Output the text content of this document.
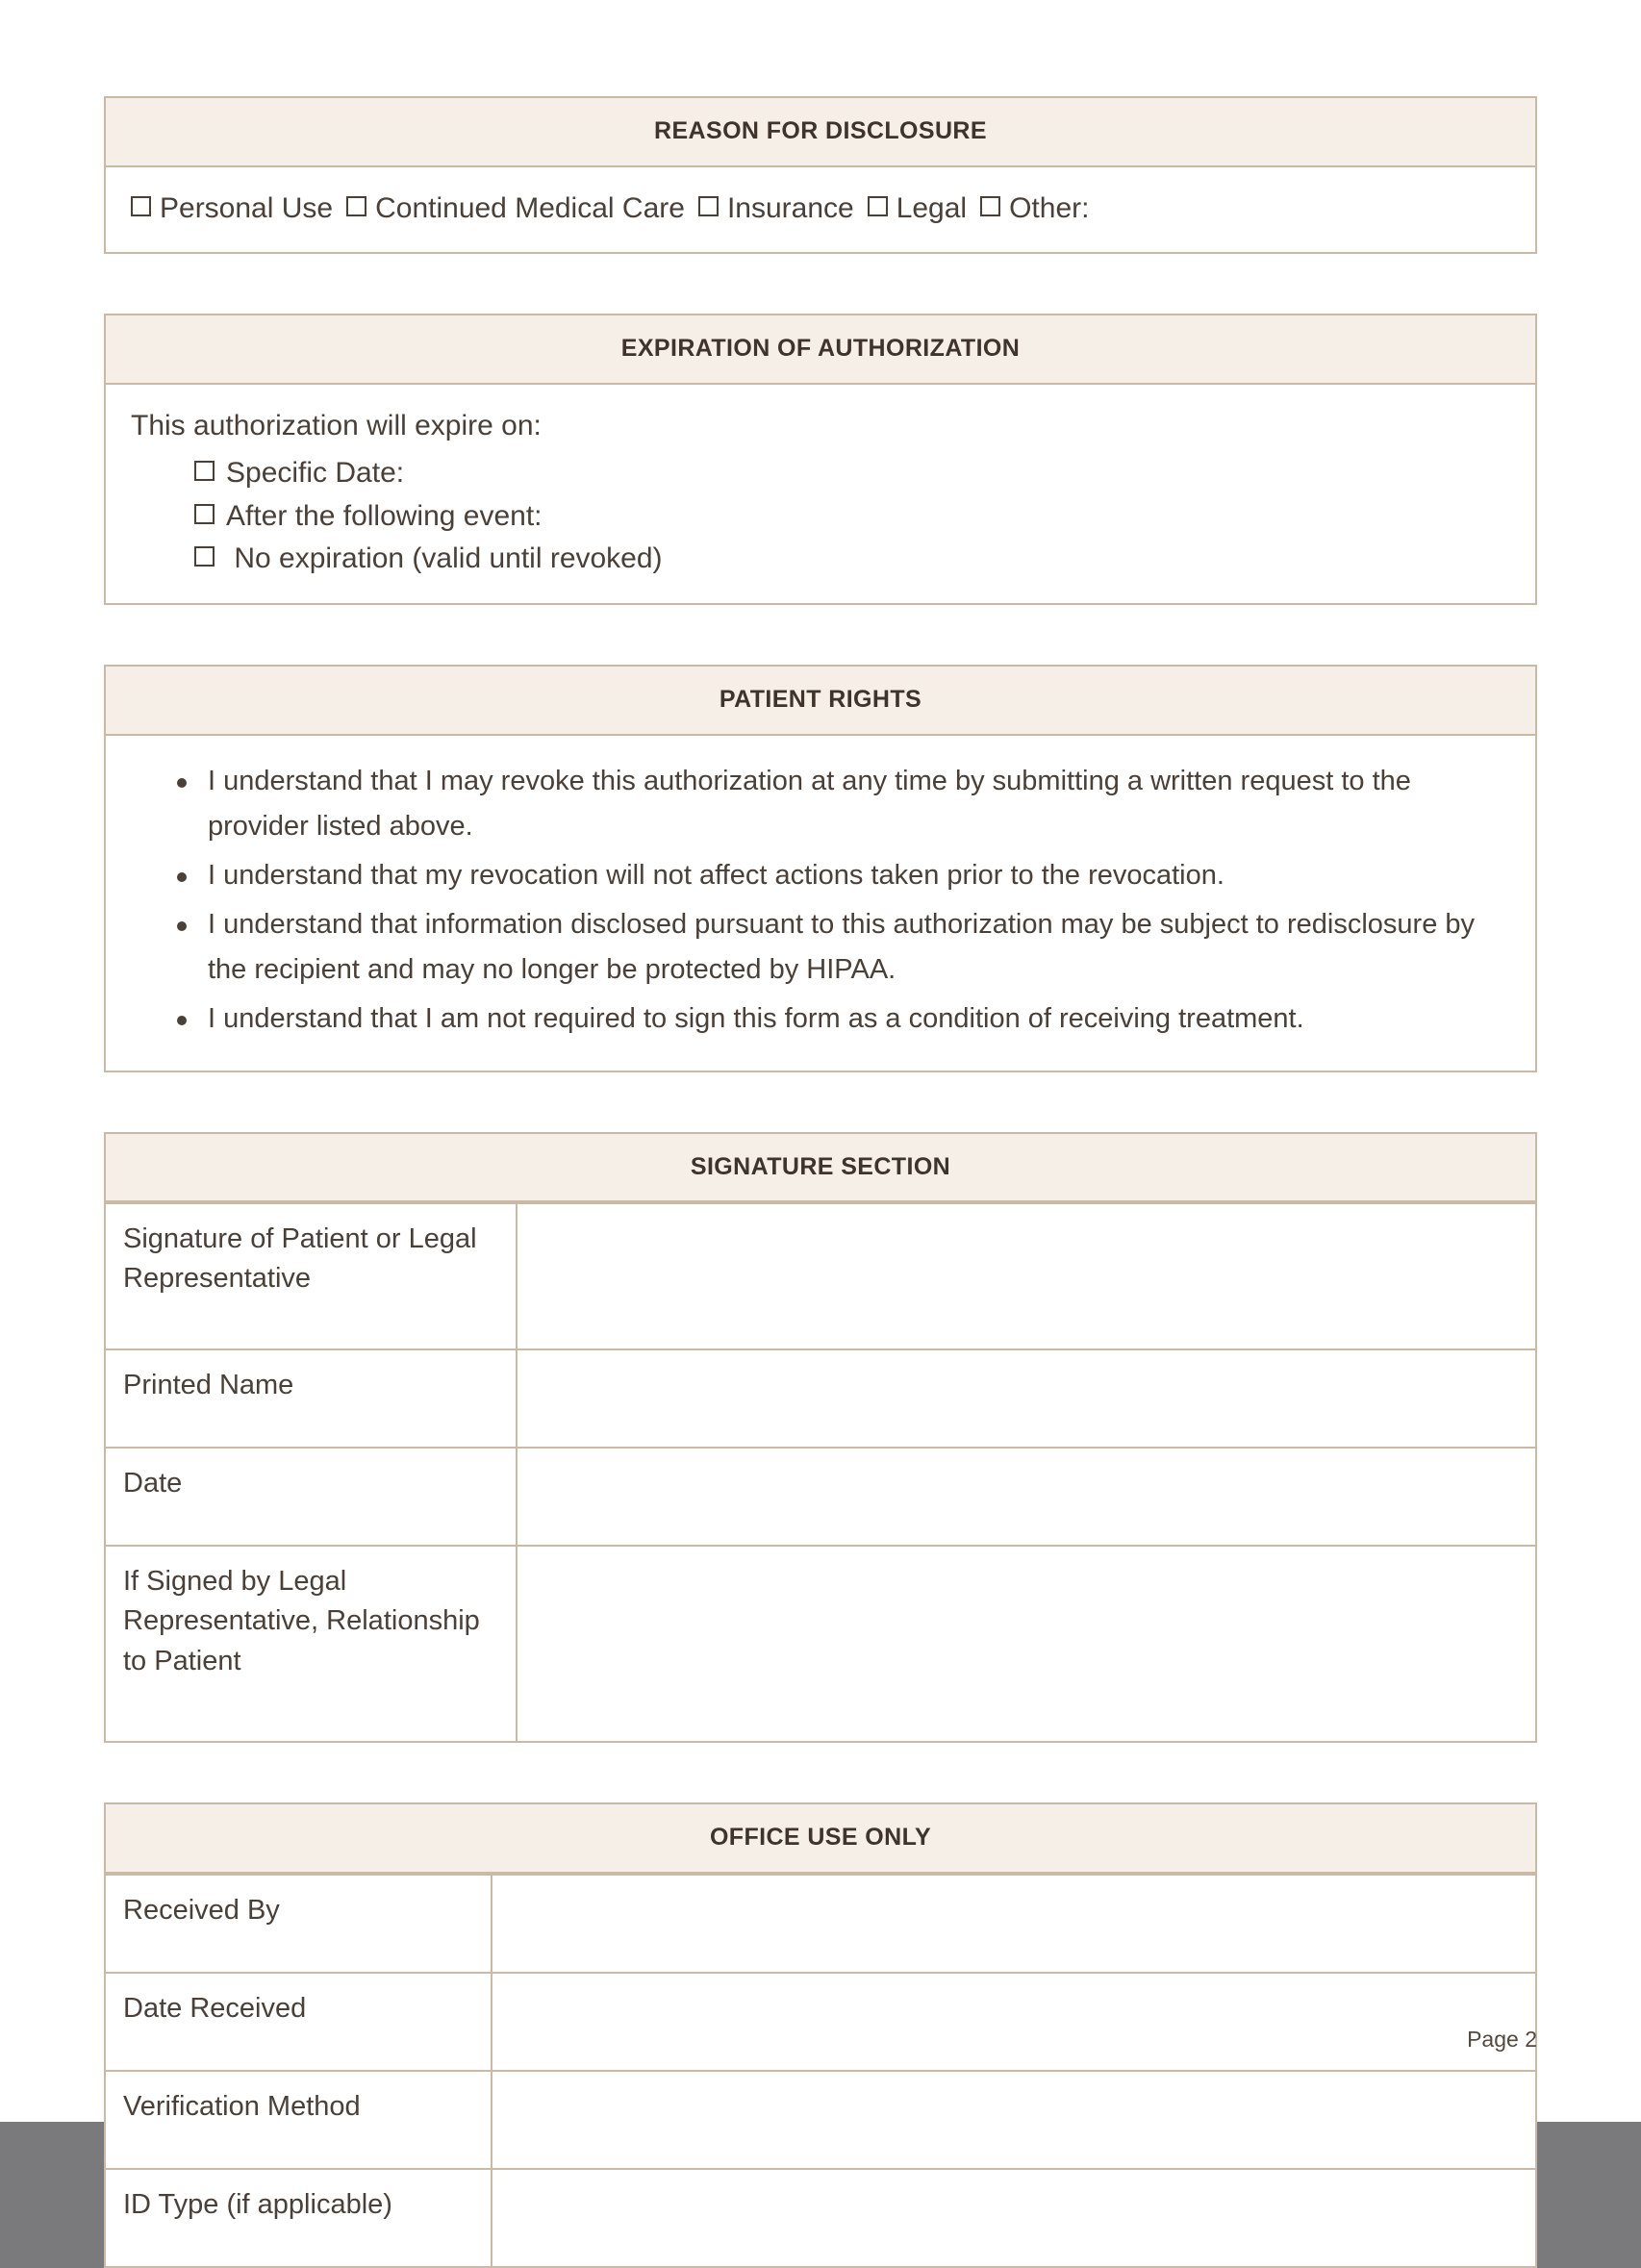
REASON FOR DISCLOSURE
Personal Use Continued Medical Care Insurance Legal Other:
EXPIRATION OF AUTHORIZATION

This authorization will expire on:

Specific Date:
After the following event:
No expiration (valid until revoked)
PATIENT RIGHTS
I understand that I may revoke this authorization at any time by submitting a written request to the provider listed above.
I understand that my revocation will not affect actions taken prior to the revocation.
I understand that information disclosed pursuant to this authorization may be subject to redisclosure by the recipient and may no longer be protected by HIPAA.
I understand that I am not required to sign this form as a condition of receiving treatment.
SIGNATURE SECTION
Signature of Patient or Legal Representative	
Printed Name	
Date	
If Signed by Legal Representative, Relationship to Patient	
OFFICE USE ONLY
Received By	
Date Received	
Verification Method	
ID Type (if applicable)	
Page 2
